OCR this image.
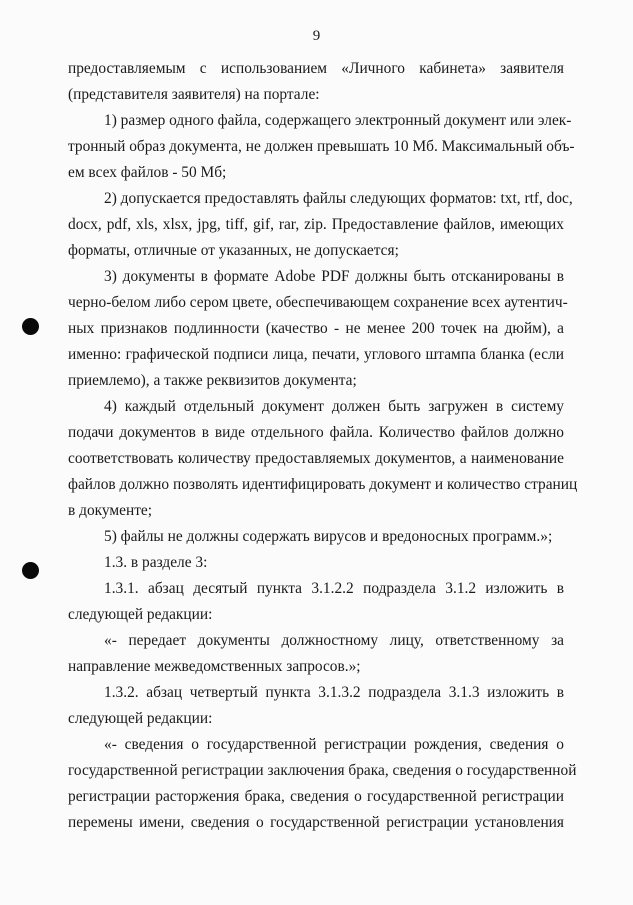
9
предоставляемым с использованием «Личного кабинета» заявителя
(представителя заявителя) на портале:
1) размер одного файла, содержащего электронный документ или элек-
тронный образ документа, не должен превышать 10 Мб. Максимальный объ-
ем всех файлов - 50 Мб;
2) допускается предоставлять файлы следующих форматов: txt, rtf, doc,
docx, pdf, xls, xlsx, jpg, tiff, gif, rar, zip. Предоставление файлов, имеющих
форматы, отличные от указанных, не допускается;
3) документы в формате Adobe PDF должны быть отсканированы в
черно-белом либо сером цвете, обеспечивающем сохранение всех аутентич-
ных признаков подлинности (качество - не менее 200 точек на дюйм), а
именно: графической подписи лица, печати, углового штампа бланка (если
приемлемо), а также реквизитов документа;
4) каждый отдельный документ должен быть загружен в систему
подачи документов в виде отдельного файла. Количество файлов должно
соответствовать количеству предоставляемых документов, а наименование
файлов должно позволять идентифицировать документ и количество страниц
в документе;
5) файлы не должны содержать вирусов и вредоносных программ.»;
1.3. в разделе 3:
1.3.1. абзац десятый пункта 3.1.2.2 подраздела 3.1.2 изложить в
следующей редакции:
«- передает документы должностному лицу, ответственному за
направление межведомственных запросов.»;
1.3.2. абзац четвертый пункта 3.1.3.2 подраздела 3.1.3 изложить в
следующей редакции:
«- сведения о государственной регистрации рождения, сведения о
государственной регистрации заключения брака, сведения о государственной
регистрации расторжения брака, сведения о государственной регистрации
перемены имени, сведения о государственной регистрации установления
